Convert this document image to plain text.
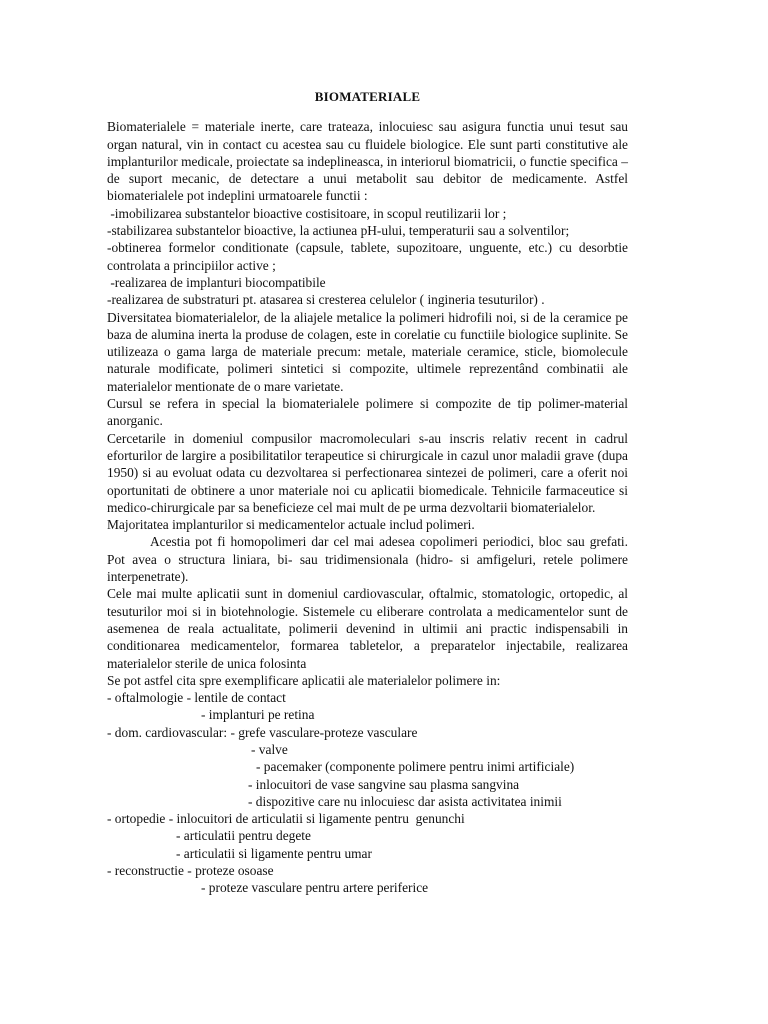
BIOMATERIALE

Biomaterialele = materiale inerte, care trateaza, inlocuiesc sau asigura functia unui tesut sau organ natural, vin in contact cu acestea sau cu fluidele biologice. Ele sunt parti constitutive ale implanturilor medicale, proiectate sa indeplineasca, in interiorul biomatricii, o functie specifica – de suport mecanic, de detectare a unui metabolit sau debitor de medicamente. Astfel biomaterialele pot indeplini urmatoarele functii :

-imobilizarea substantelor bioactive costisitoare, in scopul reutilizarii lor ;
-stabilizarea substantelor bioactive, la actiunea pH-ului, temperaturii sau a solventilor;

-obtinerea formelor conditionate (capsule, tablete, supozitoare, unguente, etc.) cu desorbtie controlata a principiilor active ;

-realizarea de implanturi biocompatibile
-realizarea de substraturi pt. atasarea si cresterea celulelor ( ingineria tesuturilor) .

Diversitatea biomaterialelor, de la aliajele metalice la polimeri hidrofili noi, si de la ceramice pe baza de alumina inerta la produse de colagen, este in corelatie cu functiile biologice suplinite. Se utilizeaza o gama larga de materiale precum: metale, materiale ceramice, sticle, biomolecule naturale modificate, polimeri sintetici si compozite, ultimele reprezentând combinatii ale materialelor mentionate de o mare varietate.

Cursul se refera in special la biomaterialele polimere si compozite de tip polimer-material anorganic.

Cercetarile in domeniul compusilor macromoleculari s-au inscris relativ recent in cadrul eforturilor de largire a posibilitatilor terapeutice si chirurgicale in cazul unor maladii grave (dupa 1950) si au evoluat odata cu dezvoltarea si perfectionarea sintezei de polimeri, care a oferit noi oportunitati de obtinere a unor materiale noi cu aplicatii biomedicale. Tehnicile farmaceutice si medico-chirurgicale par sa beneficieze cel mai mult de pe urma dezvoltarii biomaterialelor.

Majoritatea implanturilor si medicamentelor actuale includ polimeri.

Acestia pot fi homopolimeri dar cel mai adesea copolimeri periodici, bloc sau grefati. Pot avea o structura liniara, bi- sau tridimensionala (hidro- si amfigeluri, retele polimere interpenetrate).

Cele mai multe aplicatii sunt in domeniul cardiovascular, oftalmic, stomatologic, ortopedic, al tesuturilor moi si in biotehnologie. Sistemele cu eliberare controlata a medicamentelor sunt de asemenea de reala actualitate, polimerii devenind in ultimii ani practic indispensabili in conditionarea medicamentelor, formarea tabletelor, a preparatelor injectabile, realizarea materialelor sterile de unica folosinta

Se pot astfel cita spre exemplificare aplicatii ale materialelor polimere in:

- oftalmologie - lentile de contact
- implanturi pe retina
- dom. cardiovascular: - grefe vasculare-proteze vasculare
- valve
- pacemaker (componente polimere pentru inimi artificiale)
- inlocuitori de vase sangvine sau plasma sangvina
- dispozitive care nu inlocuiesc dar asista activitatea inimii
- ortopedie - inlocuitori de articulatii si ligamente pentru  genunchi
- articulatii pentru degete
- articulatii si ligamente pentru umar
- reconstructie - proteze osoase
- proteze vasculare pentru artere periferice
